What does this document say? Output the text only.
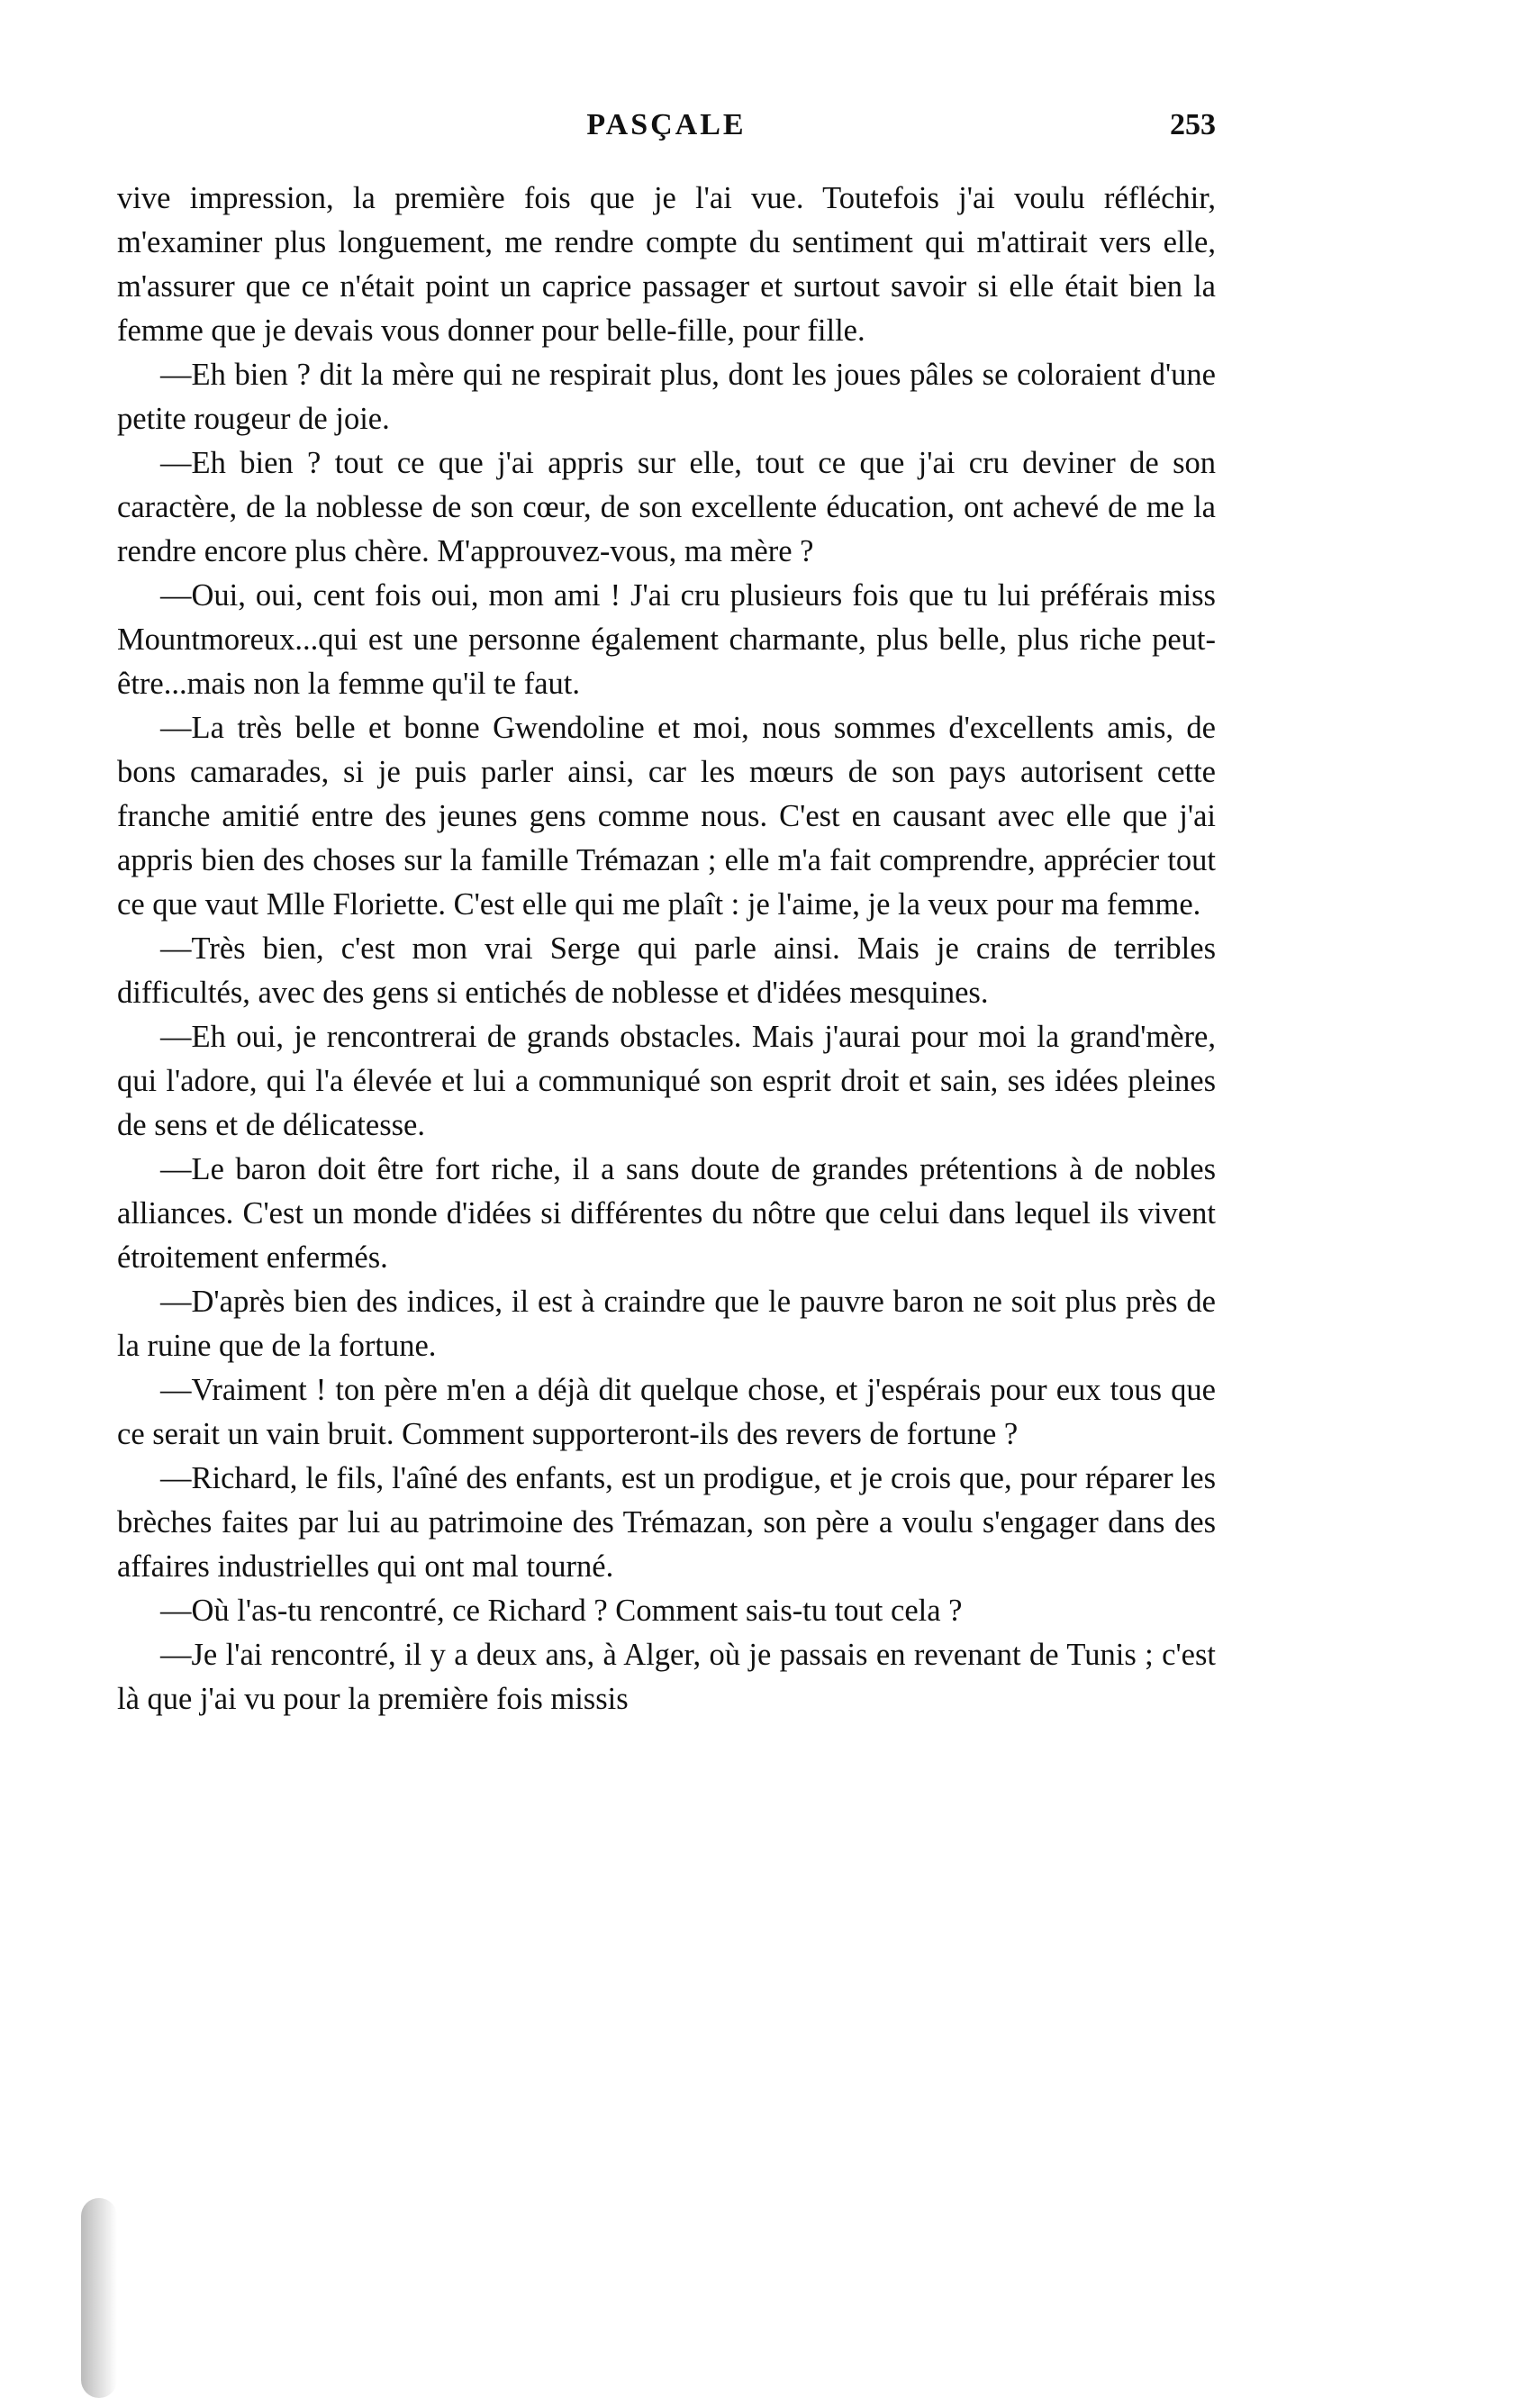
PASÇALE	253

vive impression, la première fois que je l'ai vue. Toutefois j'ai voulu réfléchir, m'examiner plus longuement, me rendre compte du sentiment qui m'attirait vers elle, m'assurer que ce n'était point un caprice passager et surtout savoir si elle était bien la femme que je devais vous donner pour belle-fille, pour fille.

—Eh bien ? dit la mère qui ne respirait plus, dont les joues pâles se coloraient d'une petite rougeur de joie.

—Eh bien ? tout ce que j'ai appris sur elle, tout ce que j'ai cru deviner de son caractère, de la noblesse de son cœur, de son excellente éducation, ont achevé de me la rendre encore plus chère. M'approuvez-vous, ma mère ?

—Oui, oui, cent fois oui, mon ami ! J'ai cru plusieurs fois que tu lui préférais miss Mountmoreux...qui est une personne également charmante, plus belle, plus riche peut-être...mais non la femme qu'il te faut.

—La très belle et bonne Gwendoline et moi, nous sommes d'excellents amis, de bons camarades, si je puis parler ainsi, car les mœurs de son pays autorisent cette franche amitié entre des jeunes gens comme nous. C'est en causant avec elle que j'ai appris bien des choses sur la famille Trémazan ; elle m'a fait comprendre, apprécier tout ce que vaut Mlle Floriette. C'est elle qui me plaît : je l'aime, je la veux pour ma femme.

—Très bien, c'est mon vrai Serge qui parle ainsi. Mais je crains de terribles difficultés, avec des gens si entichés de noblesse et d'idées mesquines.

—Eh oui, je rencontrerai de grands obstacles. Mais j'aurai pour moi la grand'mère, qui l'adore, qui l'a élevée et lui a communiqué son esprit droit et sain, ses idées pleines de sens et de délicatesse.

—Le baron doit être fort riche, il a sans doute de grandes prétentions à de nobles alliances. C'est un monde d'idées si différentes du nôtre que celui dans lequel ils vivent étroitement enfermés.

—D'après bien des indices, il est à craindre que le pauvre baron ne soit plus près de la ruine que de la fortune.

—Vraiment ! ton père m'en a déjà dit quelque chose, et j'espérais pour eux tous que ce serait un vain bruit. Comment supporteront-ils des revers de fortune ?

—Richard, le fils, l'aîné des enfants, est un prodigue, et je crois que, pour réparer les brèches faites par lui au patrimoine des Trémazan, son père a voulu s'engager dans des affaires industrielles qui ont mal tourné.

—Où l'as-tu rencontré, ce Richard ? Comment sais-tu tout cela ?

—Je l'ai rencontré, il y a deux ans, à Alger, où je passais en revenant de Tunis ; c'est là que j'ai vu pour la première fois missis
